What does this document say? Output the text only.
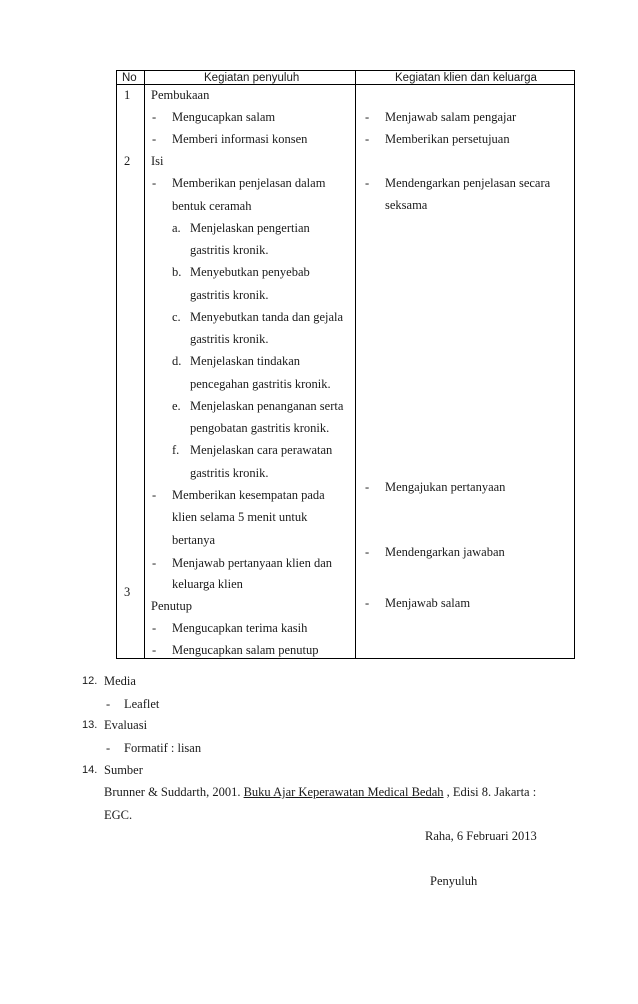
No	Kegiatan penyuluh	Kegiatan klien dan keluarga
1 Pembukaan
- Mengucapkan salam
- Memberi informasi konsen
- Menjawab salam pengajar
- Memberikan persetujuan
2 Isi
- Memberikan penjelasan dalam
bentuk ceramah
a. Menjelaskan pengertian
gastritis kronik.
b. Menyebutkan penyebab
gastritis kronik.
c. Menyebutkan tanda dan gejala
gastritis kronik.
d. Menjelaskan tindakan
pencegahan gastritis kronik.
e. Menjelaskan penanganan serta
pengobatan gastritis kronik.
f. Menjelaskan cara perawatan
gastritis kronik.
- Memberikan kesempatan pada
klien selama 5 menit untuk
bertanya
- Menjawab pertanyaan klien dan
keluarga klien
- Mendengarkan penjelasan secara
seksama
- Mengajukan pertanyaan
- Mendengarkan jawaban
3
Penutup
- Mengucapkan terima kasih
- Mengucapkan salam penutup
- Menjawab salam
12. Media
- Leaflet
13. Evaluasi
- Formatif : lisan
14. Sumber
Brunner & Suddarth, 2001. Buku Ajar Keperawatan Medical Bedah , Edisi 8. Jakarta :
EGC.
Raha, 6 Februari 2013
Penyuluh
